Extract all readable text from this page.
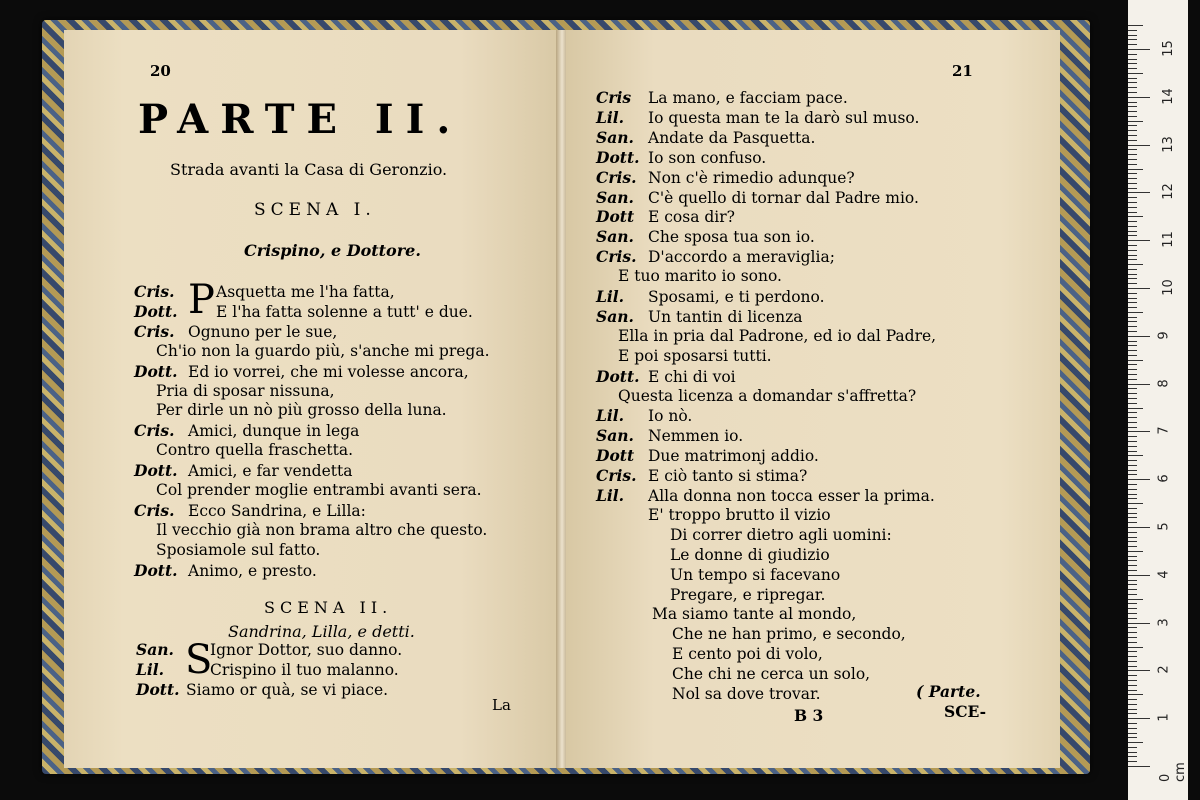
20
PARTE II.
Strada avanti la Casa di Geronzio.
SCENA I.
Crispino, e Dottore.
P
Cris.	Asquetta me l'ha fatta,
Dott. E l'ha fatta solenne a tutt' e due.
Cris. Ognuno per le sue,
Ch'io non la guardo più, s'anche mi prega.
Dott. Ed io vorrei, che mi volesse ancora,
Pria di sposar nissuna,
Per dirle un nò più grosso della luna.
Cris. Amici, dunque in lega
Contro quella fraschetta.
Dott. Amici, e far vendetta
Col prender moglie entrambi avanti sera.
Cris. Ecco Sandrina, e Lilla:
Il vecchio già non brama altro che questo.
Sposiamole sul fatto.
Dott. Animo, e presto.
SCENA II.
Sandrina, Lilla, e detti.
S
San. Ignor Dottor, suo danno.
Lil.	Crispino il tuo malanno.
Dott. Siamo or quà, se vi piace.
La
21
Cris La mano, e facciam pace.
Lil. Io questa man te la darò sul muso.
San. Andate da Pasquetta.
Dott. Io son confuso.
Cris. Non c'è rimedio adunque?
San. C'è quello di tornar dal Padre mio.
Dott E cosa dir?
San. Che sposa tua son io.
Cris. D'accordo a meraviglia;
E tuo marito io sono.
Lil. Sposami, e ti perdono.
San. Un tantin di licenza
Ella in pria dal Padrone, ed io dal Padre,
E poi sposarsi tutti.
Dott. E chi di voi
Questa licenza a domandar s'affretta?
Lil. Io nò.
San. Nemmen io.
Dott Due matrimonj addio.
Cris. E ciò tanto si stima?
Lil. Alla donna non tocca esser la prima.
E' troppo brutto il vizio
Di correr dietro agli uomini:
Le donne di giudizio
Un tempo si facevano
Pregare, e ripregar.
Ma siamo tante al mondo,
Che ne han primo, e secondo,
E cento poi di volo,
Che chi ne cerca un solo,
Nol sa dove trovar.	( Parte.
B 3	SCE-
0 cm
15
14
13
12
11
10
9
8
7
6
5
4
3
2
1
